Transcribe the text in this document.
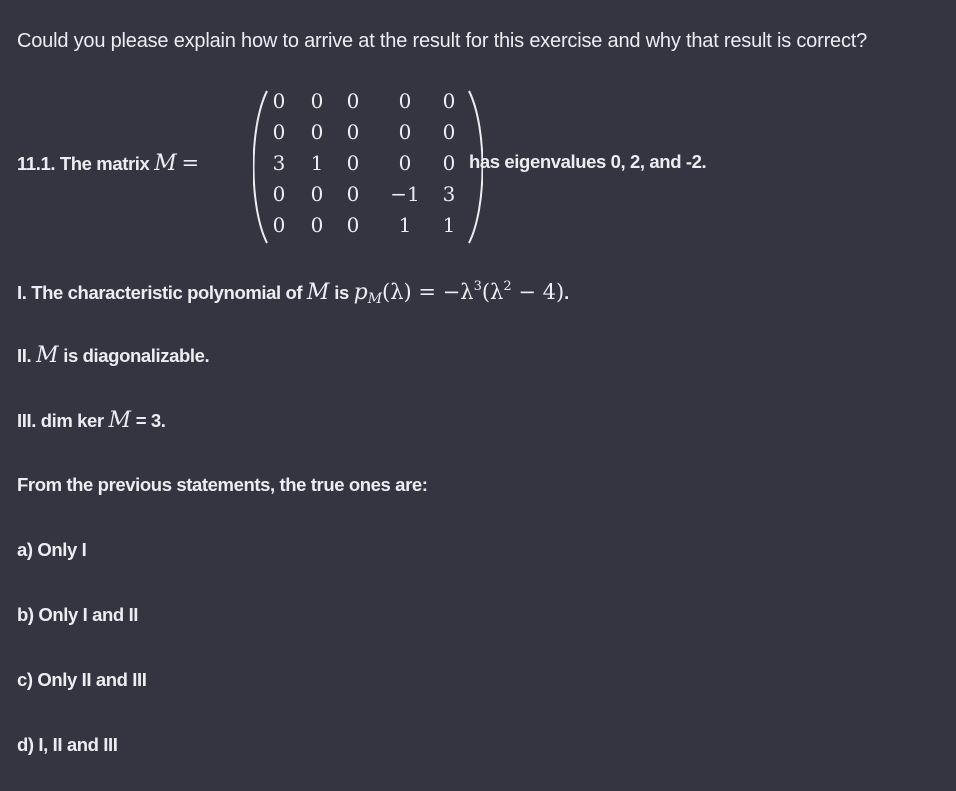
Could you please explain how to arrive at the result for this exercise and why that result is correct?
11.1. The matrix M =
0	0	0	0	0
0	0	0	0	0
3	1	0	0	0
0	0	0	−1	3
0	0	0	1	1
has eigenvalues 0, 2, and -2.
I. The characteristic polynomial of M is $p_M(\lambda) = -\lambda^3(\lambda^2 - 4)$.
II. M is diagonalizable.
III. dim ker M = 3.
From the previous statements, the true ones are:
a) Only I
b) Only I and II
c) Only II and III
d) I, II and III
